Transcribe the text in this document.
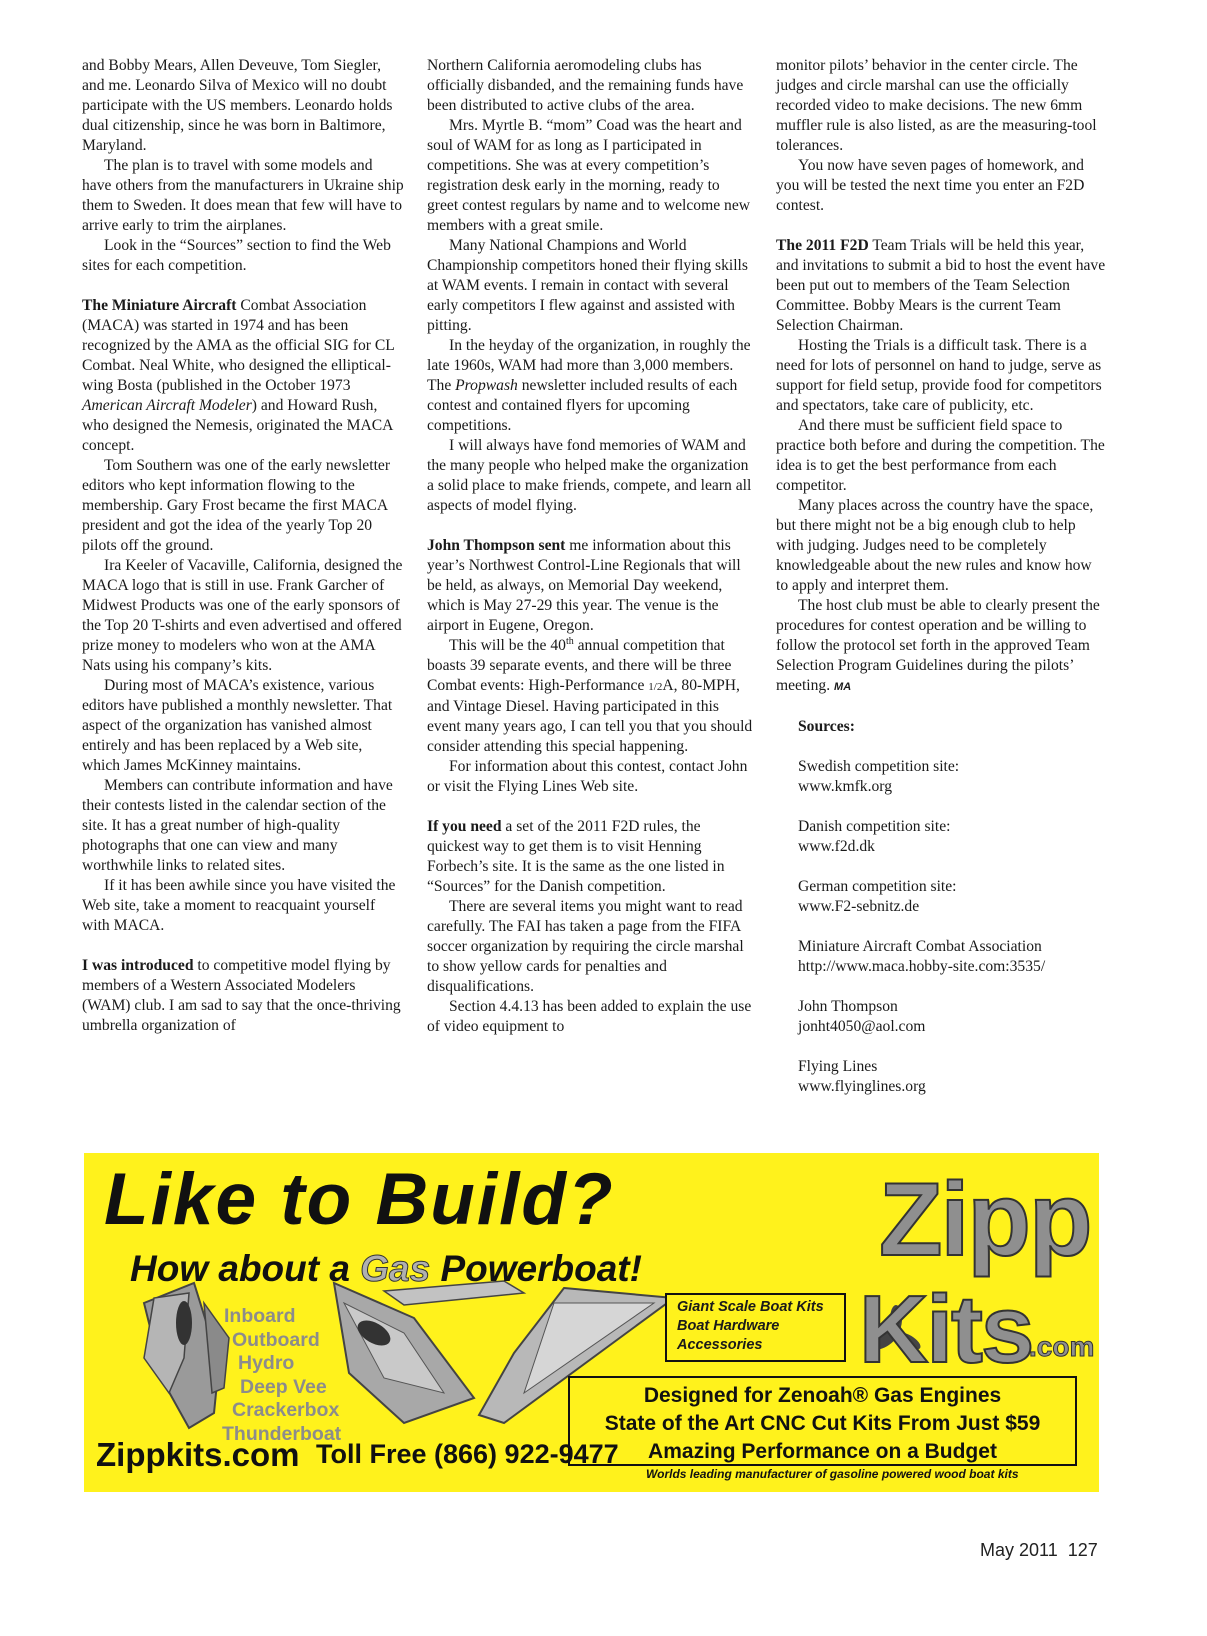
and Bobby Mears, Allen Deveuve, Tom Siegler, and me. Leonardo Silva of Mexico will no doubt participate with the US members. Leonardo holds dual citizenship, since he was born in Baltimore, Maryland.

The plan is to travel with some models and have others from the manufacturers in Ukraine ship them to Sweden. It does mean that few will have to arrive early to trim the airplanes.

Look in the “Sources” section to find the Web sites for each competition.

The Miniature Aircraft Combat Association (MACA) was started in 1974 and has been recognized by the AMA as the official SIG for CL Combat. Neal White, who designed the elliptical-wing Bosta (published in the October 1973 American Aircraft Modeler) and Howard Rush, who designed the Nemesis, originated the MACA concept.

Tom Southern was one of the early newsletter editors who kept information flowing to the membership. Gary Frost became the first MACA president and got the idea of the yearly Top 20 pilots off the ground.

Ira Keeler of Vacaville, California, designed the MACA logo that is still in use. Frank Garcher of Midwest Products was one of the early sponsors of the Top 20 T-shirts and even advertised and offered prize money to modelers who won at the AMA Nats using his company’s kits.

During most of MACA’s existence, various editors have published a monthly newsletter. That aspect of the organization has vanished almost entirely and has been replaced by a Web site, which James McKinney maintains.

Members can contribute information and have their contests listed in the calendar section of the site. It has a great number of high-quality photographs that one can view and many worthwhile links to related sites.

If it has been awhile since you have visited the Web site, take a moment to reacquaint yourself with MACA.

I was introduced to competitive model flying by members of a Western Associated Modelers (WAM) club. I am sad to say that the once-thriving umbrella organization of

Northern California aeromodeling clubs has officially disbanded, and the remaining funds have been distributed to active clubs of the area.

Mrs. Myrtle B. “mom” Coad was the heart and soul of WAM for as long as I participated in competitions. She was at every competition’s registration desk early in the morning, ready to greet contest regulars by name and to welcome new members with a great smile.

Many National Champions and World Championship competitors honed their flying skills at WAM events. I remain in contact with several early competitors I flew against and assisted with pitting.

In the heyday of the organization, in roughly the late 1960s, WAM had more than 3,000 members. The Propwash newsletter included results of each contest and contained flyers for upcoming competitions.

I will always have fond memories of WAM and the many people who helped make the organization a solid place to make friends, compete, and learn all aspects of model flying.

John Thompson sent me information about this year’s Northwest Control-Line Regionals that will be held, as always, on Memorial Day weekend, which is May 27-29 this year. The venue is the airport in Eugene, Oregon.

This will be the 40th annual competition that boasts 39 separate events, and there will be three Combat events: High-Performance 1/2A, 80-MPH, and Vintage Diesel. Having participated in this event many years ago, I can tell you that you should consider attending this special happening.

For information about this contest, contact John or visit the Flying Lines Web site.

If you need a set of the 2011 F2D rules, the quickest way to get them is to visit Henning Forbech’s site. It is the same as the one listed in “Sources” for the Danish competition.

There are several items you might want to read carefully. The FAI has taken a page from the FIFA soccer organization by requiring the circle marshal to show yellow cards for penalties and disqualifications.

Section 4.4.13 has been added to explain the use of video equipment to

monitor pilots’ behavior in the center circle. The judges and circle marshal can use the officially recorded video to make decisions. The new 6mm muffler rule is also listed, as are the measuring-tool tolerances.

You now have seven pages of homework, and you will be tested the next time you enter an F2D contest.

The 2011 F2D Team Trials will be held this year, and invitations to submit a bid to host the event have been put out to members of the Team Selection Committee. Bobby Mears is the current Team Selection Chairman.

Hosting the Trials is a difficult task. There is a need for lots of personnel on hand to judge, serve as support for field setup, provide food for competitors and spectators, take care of publicity, etc.

And there must be sufficient field space to practice both before and during the competition. The idea is to get the best performance from each competitor.

Many places across the country have the space, but there might not be a big enough club to help with judging. Judges need to be completely knowledgeable about the new rules and know how to apply and interpret them.

The host club must be able to clearly present the procedures for contest operation and be willing to follow the protocol set forth in the approved Team Selection Program Guidelines during the pilots’ meeting. MA

Sources:

Swedish competition site:

www.kmfk.org

Danish competition site:

www.f2d.dk

German competition site:

www.F2-sebnitz.de

Miniature Aircraft Combat Association

http://www.maca.hobby-site.com:3535/

John Thompson

jonht4050@aol.com

Flying Lines

www.flyinglines.org

Like to Build?
How about a Gas Powerboat! Zipp
Kits
.com
Inboard
Outboard
Hydro
Deep Vee
Crackerbox
Thunderboat
Giant Scale Boat Kits
Boat Hardware
Accessories
Designed for Zenoah® Gas Engines
State of the Art CNC Cut Kits From Just $59
Amazing Performance on a Budget
Zippkits.com Toll Free (866) 922-9477
Worlds leading manufacturer of gasoline powered wood boat kits
May 2011 127
